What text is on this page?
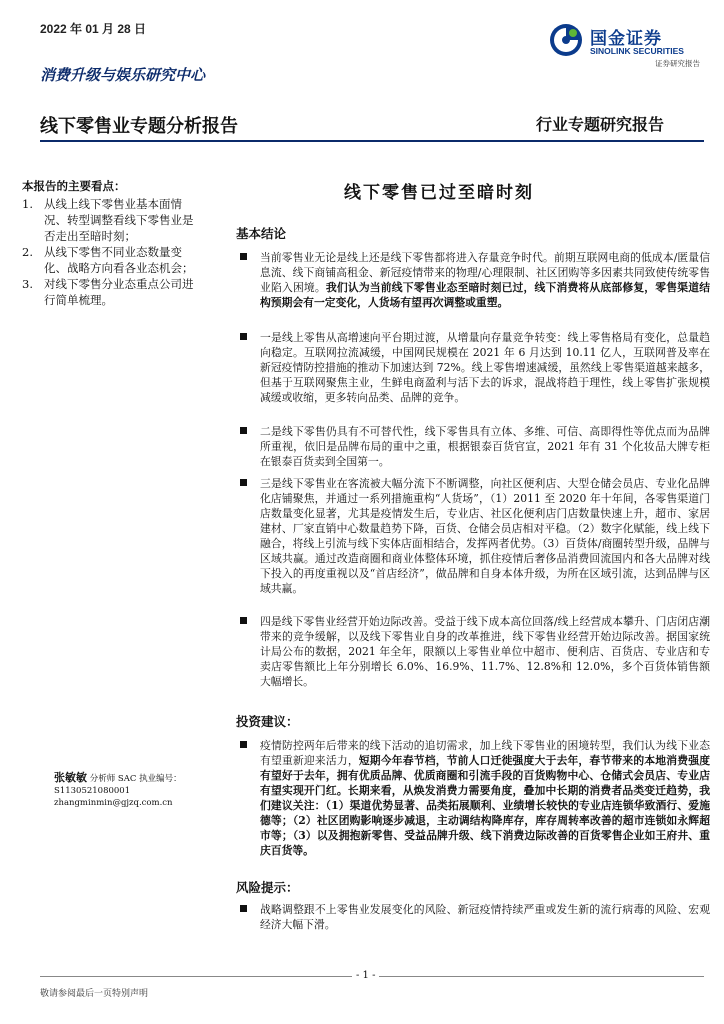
2022 年 01 月 28 日	国金证券
SINOLINK SECURITIES
证券研究报告
消费升级与娱乐研究中心
线下零售业专题分析报告	行业专题研究报告
本报告的主要看点：
1. 从线上线下零售业基本面情况、转型调整看线下零售业是否走出至暗时刻；
2. 从线下零售不同业态数量变化、战略方向看各业态机会；
3. 对线下零售分业态重点公司进行简单梳理。
张敏敏 分析师 SAC 执业编号：S1130521080001
zhangminmin@gjzq.com.cn
线下零售已过至暗时刻
基本结论
当前零售业无论是线上还是线下零售都将进入存量竞争时代。前期互联网电商的低成本/匿量信息流、线下商铺高租金、新冠疫情带来的物理/心理限制、社区团购等多因素共同致使传统零售业陷入困境。我们认为当前线下零售业态至暗时刻已过，线下消费将从底部修复，零售渠道结构预期会有一定变化，人货场有望再次调整或重塑。
一是线上零售从高增速向平台期过渡，从增量向存量竞争转变：线上零售格局有变化，总量趋向稳定。互联网拉流减缓，中国网民规模在 2021 年 6 月达到 10.11 亿人，互联网普及率在新冠疫情防控措施的推动下加速达到 72%。线上零售增速减缓，虽然线上零售渠道越来越多，但基于互联网聚焦主业，生鲜电商盈利与活下去的诉求，混战将趋于理性，线上零售扩张规模减缓或收缩，更多转向品类、品牌的竞争。
二是线下零售仍具有不可替代性，线下零售具有立体、多维、可信、高即得性等优点而为品牌所重视，依旧是品牌布局的重中之重，根据银泰百货官宣，2021 年有 31 个化妆品大牌专柜在银泰百货卖到全国第一。
三是线下零售业在客流被大幅分流下不断调整，向社区便利店、大型仓储会员店、专业化品牌化店铺聚焦，并通过一系列措施重构“人货场”，（1）2011 至 2020 年十年间，各零售渠道门店数量变化显著，尤其是疫情发生后，专业店、社区化便利店门店数量快速上升，超市、家居建材、厂家直销中心数量趋势下降，百货、仓储会员店相对平稳。（2）数字化赋能，线上线下融合，将线上引流与线下实体店面相结合，发挥两者优势。（3）百货体/商圈转型升级，品牌与区域共赢。通过改造商圈和商业体整体环境，抓住疫情后奢侈品消费回流国内和各大品牌对线下投入的再度重视以及“首店经济”，做品牌和自身本体升级，为所在区域引流，达到品牌与区域共赢。
四是线下零售业经营开始边际改善。受益于线下成本高位回落/线上经营成本攀升、门店闭店潮带来的竞争缓解，以及线下零售业自身的改革推进，线下零售业经营开始边际改善。据国家统计局公布的数据，2021 年全年，限额以上零售业单位中超市、便利店、百货店、专业店和专卖店零售额比上年分别增长 6.0%、16.9%、11.7%、12.8%和 12.0%，多个百货体销售额大幅增长。
投资建议：
疫情防控两年后带来的线下活动的追切需求，加上线下零售业的困境转型，我们认为线下业态有望重新迎来活力，短期今年春节档，节前人口迁徙强度大于去年，春节带来的本地消费强度有望好于去年，拥有优质品牌、优质商圈和引流手段的百货购物中心、仓储式会员店、专业店有望实现开门红。长期来看，从焕发消费力需要角度，叠加中长期的消费者品类变迁趋势，我们建议关注：（1）渠道优势显著、品类拓展顺利、业绩增长较快的专业店连锁华致酒行、爱施德等；（2）社区团购影响逐步减退，主动调结构降库存，库存周转率改善的超市连锁如永辉超市等；（3）以及拥抱新零售、受益品牌升级、线下消费边际改善的百货零售企业如王府井、重庆百货等。
风险提示：
战略调整跟不上零售业发展变化的风险、新冠疫情持续严重或发生新的流行病毒的风险、宏观经济大幅下滑。
- 1 -
敬请参阅最后一页特别声明
